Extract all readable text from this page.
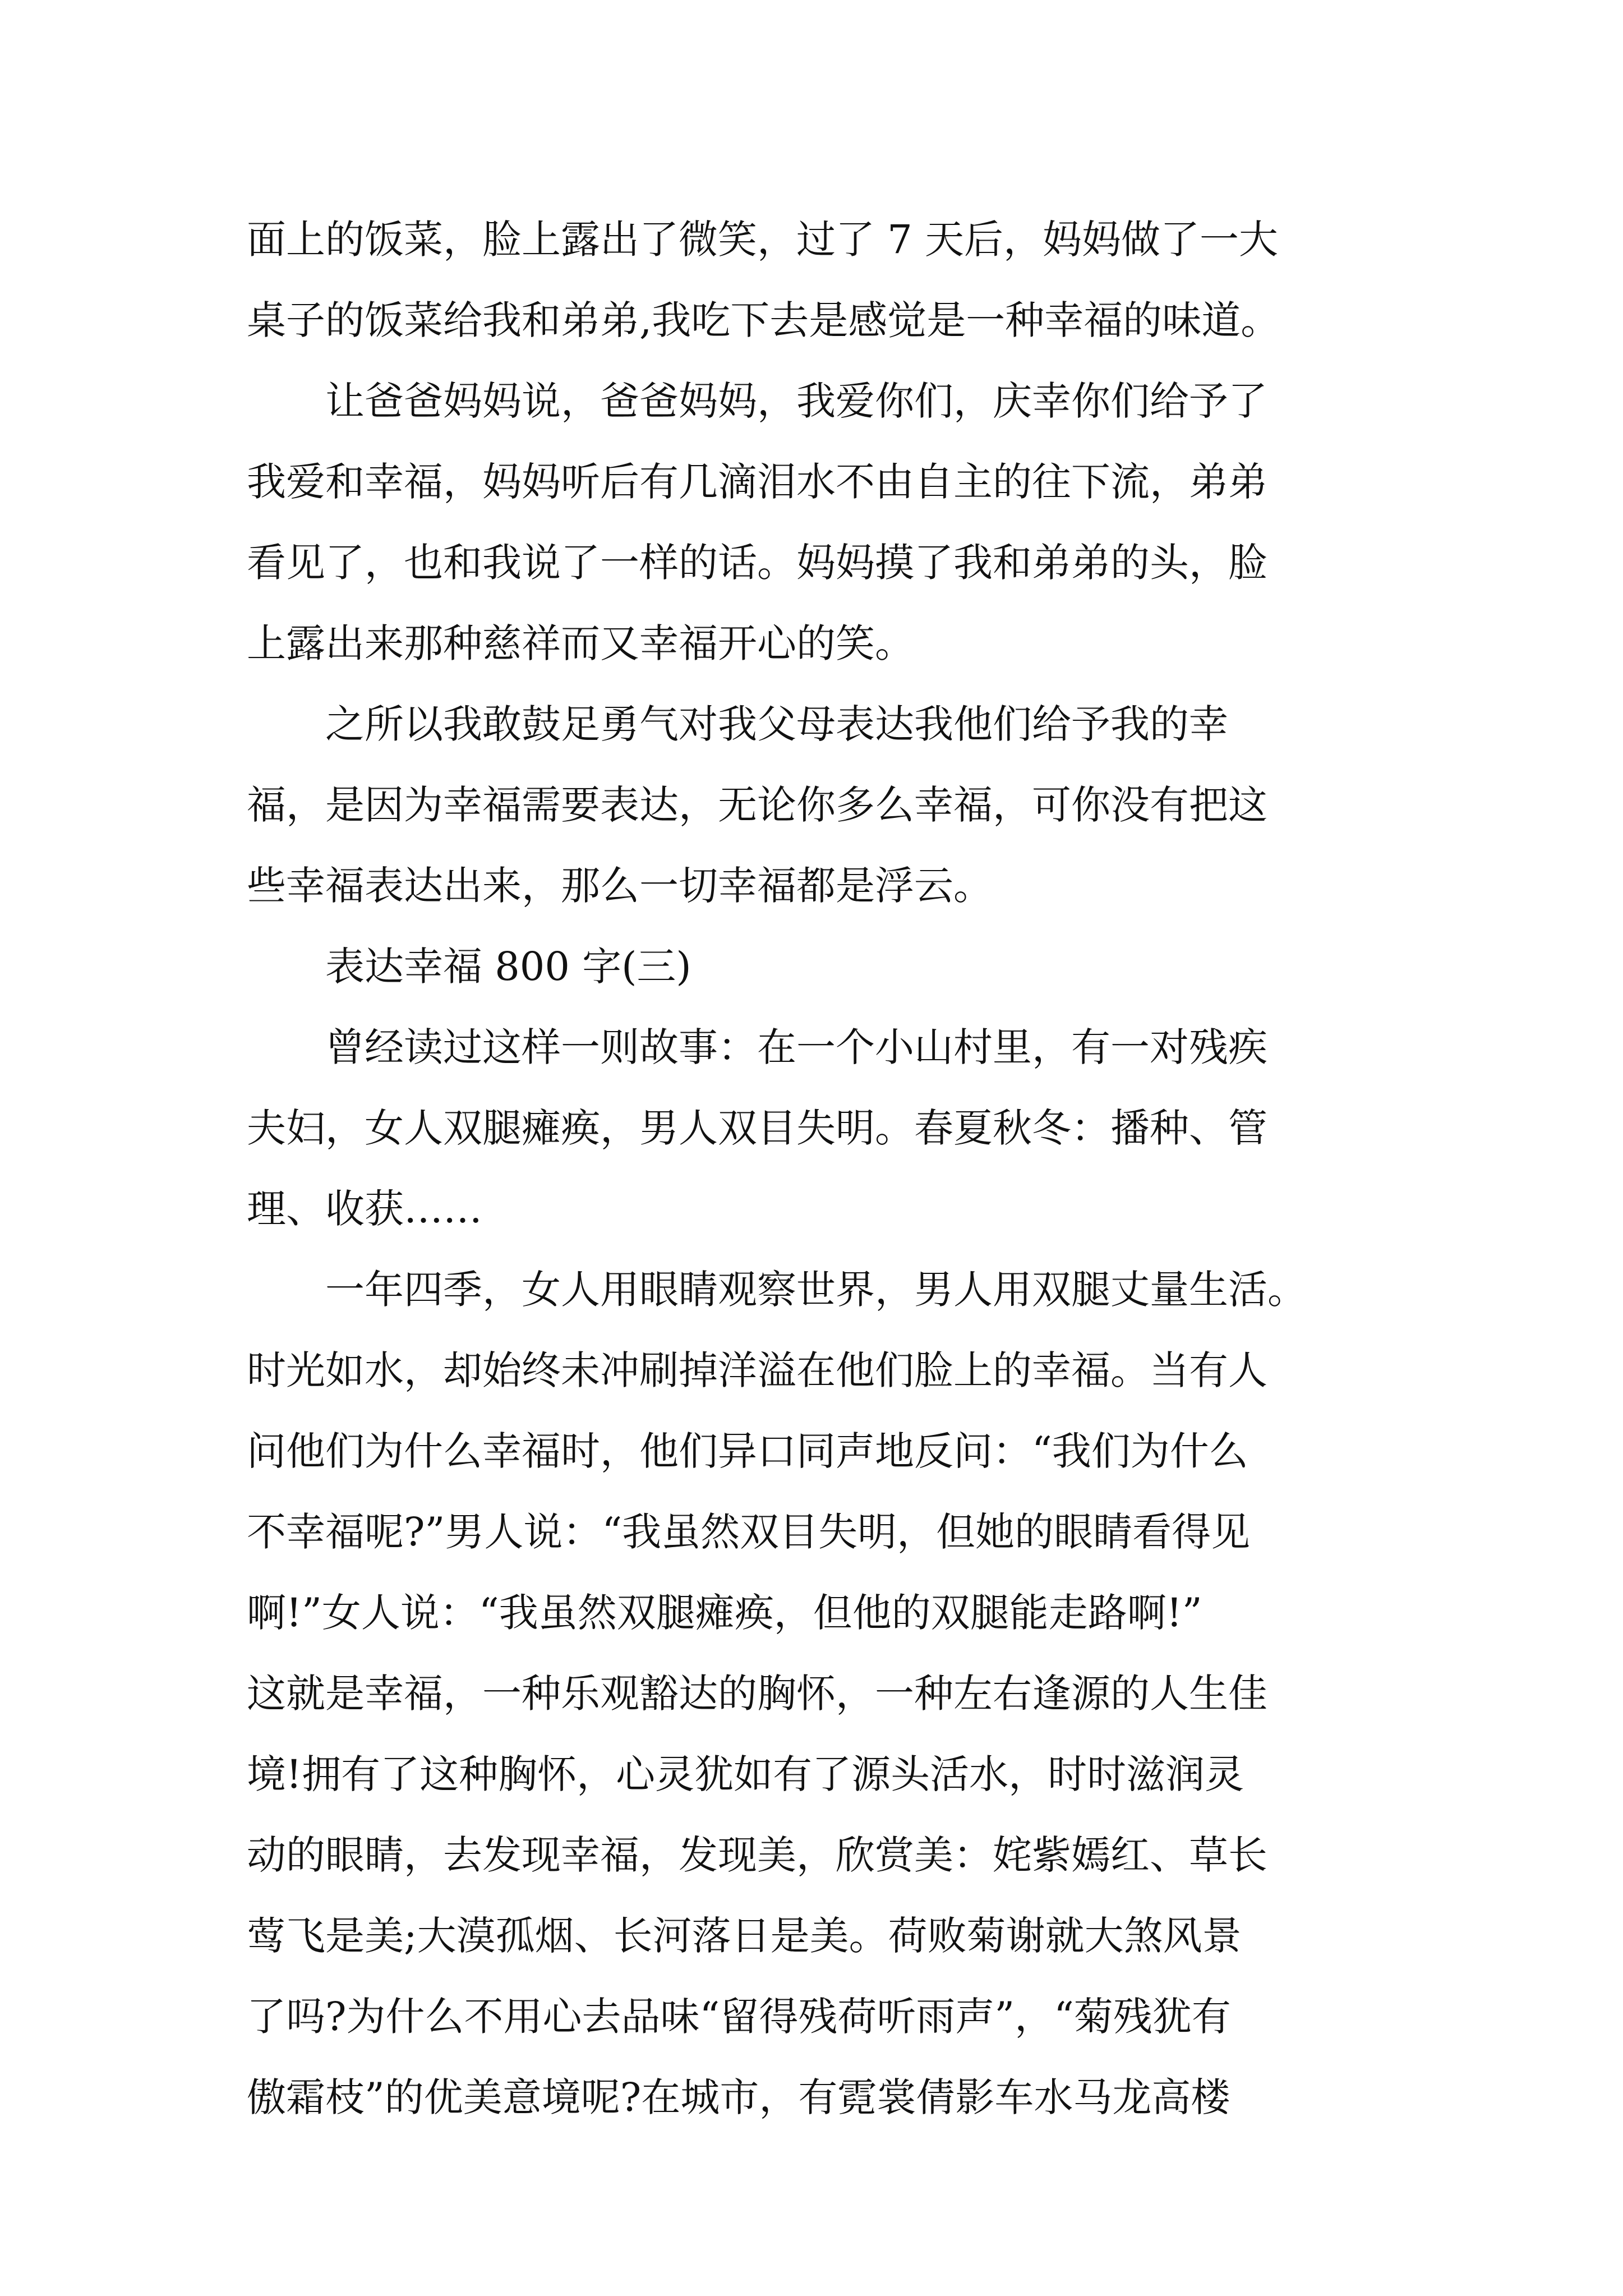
面上的饭菜，脸上露出了微笑，过了 7 天后，妈妈做了一大
桌子的饭菜给我和弟弟,我吃下去是感觉是一种幸福的味道。
让爸爸妈妈说，爸爸妈妈，我爱你们，庆幸你们给予了
我爱和幸福，妈妈听后有几滴泪水不由自主的往下流，弟弟
看见了，也和我说了一样的话。妈妈摸了我和弟弟的头，脸
上露出来那种慈祥而又幸福开心的笑。
之所以我敢鼓足勇气对我父母表达我他们给予我的幸
福，是因为幸福需要表达，无论你多么幸福，可你没有把这
些幸福表达出来，那么一切幸福都是浮云。
表达幸福 800 字(三)
曾经读过这样一则故事：在一个小山村里，有一对残疾
夫妇，女人双腿瘫痪，男人双目失明。春夏秋冬：播种、管
理、收获……
一年四季，女人用眼睛观察世界，男人用双腿丈量生活。
时光如水，却始终未冲刷掉洋溢在他们脸上的幸福。当有人
问他们为什么幸福时，他们异口同声地反问：“我们为什么
不幸福呢?”男人说：“我虽然双目失明，但她的眼睛看得见
啊!”女人说：“我虽然双腿瘫痪，但他的双腿能走路啊!”
这就是幸福，一种乐观豁达的胸怀，一种左右逢源的人生佳
境!拥有了这种胸怀，心灵犹如有了源头活水，时时滋润灵
动的眼睛，去发现幸福，发现美，欣赏美：姹紫嫣红、草长
莺飞是美;大漠孤烟、长河落日是美。荷败菊谢就大煞风景
了吗?为什么不用心去品味“留得残荷听雨声”，“菊残犹有
傲霜枝”的优美意境呢?在城市，有霓裳倩影车水马龙高楼
